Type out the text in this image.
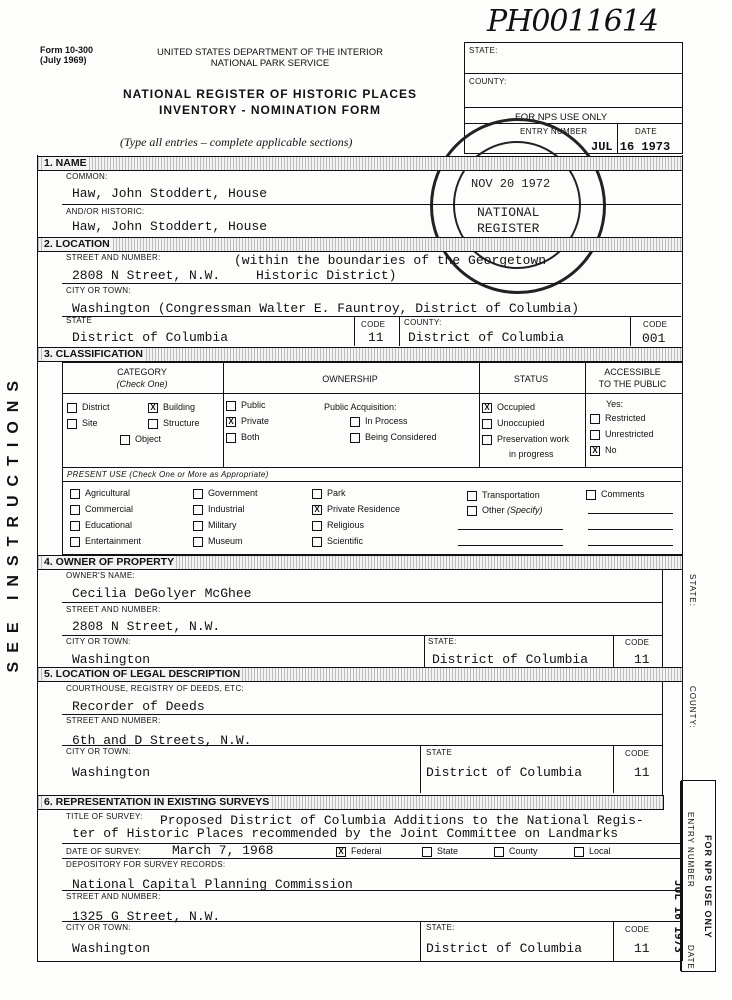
PH0011614
Form 10-300
(July 1969)
UNITED STATES DEPARTMENT OF THE INTERIOR
NATIONAL PARK SERVICE
NATIONAL REGISTER OF HISTORIC PLACES
INVENTORY - NOMINATION FORM
(Type all entries – complete applicable sections)
STATE:
COUNTY:
FOR NPS USE ONLY
ENTRY NUMBER	DATE
JUL 16 1973
NOV 20 1972
NATIONAL
REGISTER
SEE INSTRUCTIONS
1. NAME
COMMON:
Haw, John Stoddert, House
AND/OR HISTORIC:
Haw, John Stoddert, House
2. LOCATION
STREET AND NUMBER:
2808 N Street, N.W.
(within the boundaries of the Georgetown
Historic District)
CITY OR TOWN:
Washington (Congressman Walter E. Fauntroy, District of Columbia)
STATE
District of Columbia
CODE
11
COUNTY:
District of Columbia
CODE
001
3. CLASSIFICATION
CATEGORY
(Check One)	OWNERSHIP	STATUS
ACCESSIBLE
TO THE PUBLIC
District	X Building
Site	Structure
Object
Public
X Private
Both
Public Acquisition:
In Process
Being Considered
X Occupied
Unoccupied
Preservation work
in progress
Yes:
Restricted
Unrestricted
X No
PRESENT USE (Check One or More as Appropriate)
Agricultural
Commercial
Educational
Entertainment
Government
Industrial
Military
Museum
Park
X Private Residence
Religious
Scientific
Transportation
Other (Specify)
Comments
4. OWNER OF PROPERTY
OWNER'S NAME:
Cecilia DeGolyer McGhee
STREET AND NUMBER:
2808 N Street, N.W.
CITY OR TOWN:
Washington
STATE:
District of Columbia
CODE
11
STATE:
5. LOCATION OF LEGAL DESCRIPTION
COURTHOUSE, REGISTRY OF DEEDS, ETC:
Recorder of Deeds
STREET AND NUMBER:
6th and D Streets, N.W.
CITY OR TOWN:
Washington
STATE
District of Columbia
CODE
11
COUNTY:
6. REPRESENTATION IN EXISTING SURVEYS
TITLE OF SURVEY: Proposed District of Columbia Additions to the National Regis-
ter of Historic Places recommended by the Joint Committee on Landmarks
DATE OF SURVEY: March 7, 1968	X Federal	State	County	Local
DEPOSITORY FOR SURVEY RECORDS:
National Capital Planning Commission
STREET AND NUMBER:
1325 G Street, N.W.
CITY OR TOWN:
Washington
STATE:
District of Columbia
CODE
11
FOR NPS USE ONLY
ENTRY NUMBER
DATE
JUL 16 1973
